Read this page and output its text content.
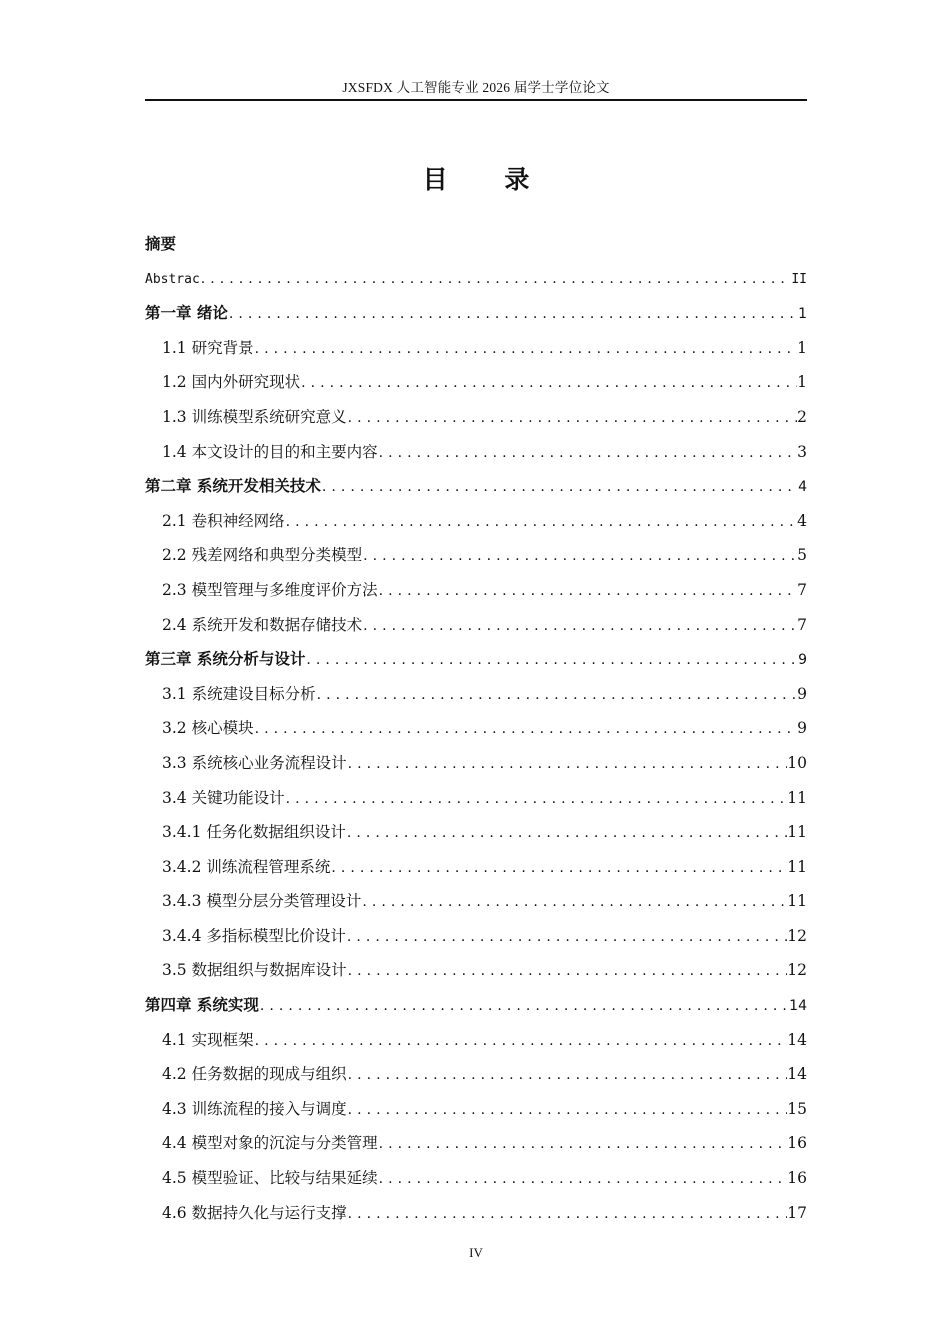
JXSFDX 人工智能专业 2026 届学士学位论文
目 录
摘要
Abstrac . . .	II
第一章 绪论 . . .	1
1.1 研究背景 . . .	1
1.2 国内外研究现状 . . .	1
1.3 训练模型系统研究意义 . . .	2
1.4 本文设计的目的和主要内容 . . .	3
第二章 系统开发相关技术 . . .	4
2.1 卷积神经网络 . . .	4
2.2 残差网络和典型分类模型 . . .	5
2.3 模型管理与多维度评价方法 . . .	7
2.4 系统开发和数据存储技术 . . .	7
第三章 系统分析与设计 . . .	9
3.1 系统建设目标分析 . . .	9
3.2 核心模块 . . .	9
3.3 系统核心业务流程设计 . . .	10
3.4 关键功能设计 . . .	11
3.4.1 任务化数据组织设计 . . .	11
3.4.2 训练流程管理系统 . . .	11
3.4.3 模型分层分类管理设计 . . .	11
3.4.4 多指标模型比价设计 . . .	12
3.5 数据组织与数据库设计 . . .	12
第四章 系统实现 . . .	14
4.1 实现框架 . . .	14
4.2 任务数据的现成与组织 . . .	14
4.3 训练流程的接入与调度 . . .	15
4.4 模型对象的沉淀与分类管理 . . .	16
4.5 模型验证、比较与结果延续 . . .	16
4.6 数据持久化与运行支撑 . . .	17
IV
